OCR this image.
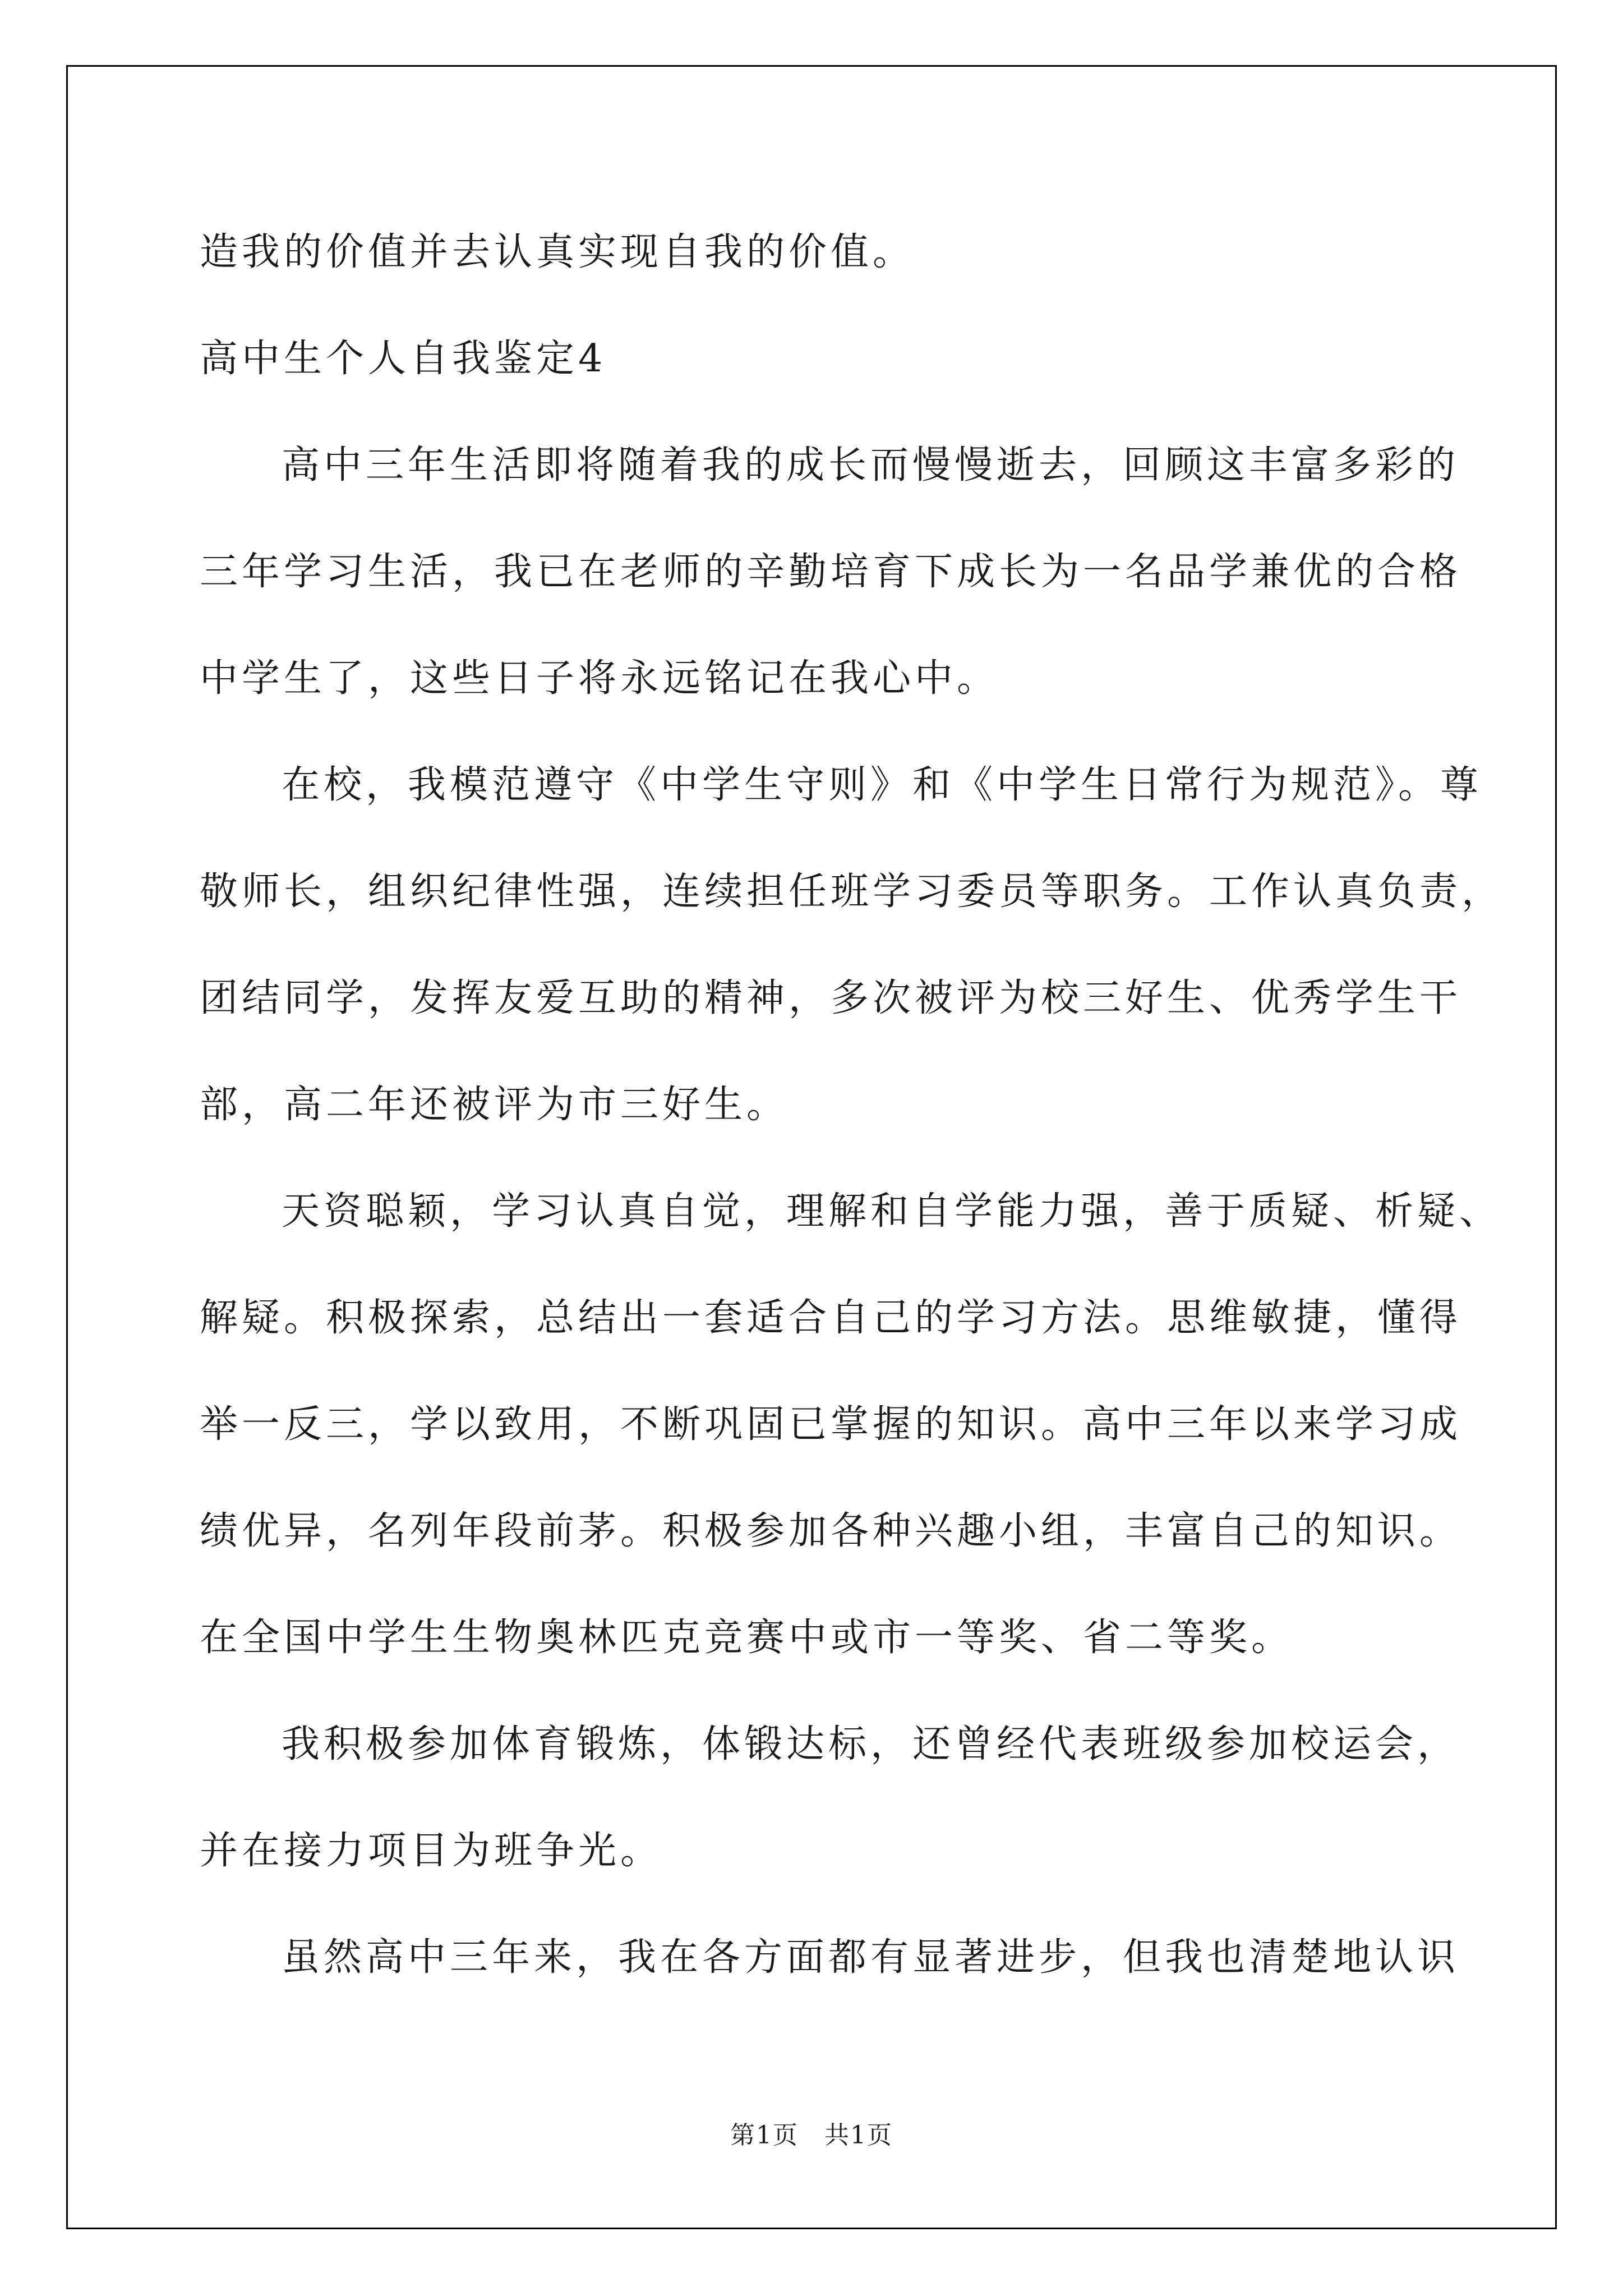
造我的价值并去认真实现自我的价值。
高中生个人自我鉴定4
高中三年生活即将随着我的成长而慢慢逝去，回顾这丰富多彩的
三年学习生活，我已在老师的辛勤培育下成长为一名品学兼优的合格
中学生了，这些日子将永远铭记在我心中。
在校，我模范遵守《中学生守则》和《中学生日常行为规范》。尊
敬师长，组织纪律性强，连续担任班学习委员等职务。工作认真负责，
团结同学，发挥友爱互助的精神，多次被评为校三好生、优秀学生干
部，高二年还被评为市三好生。
天资聪颖，学习认真自觉，理解和自学能力强，善于质疑、析疑、
解疑。积极探索，总结出一套适合自己的学习方法。思维敏捷，懂得
举一反三，学以致用，不断巩固已掌握的知识。高中三年以来学习成
绩优异，名列年段前茅。积极参加各种兴趣小组，丰富自己的知识。
在全国中学生生物奥林匹克竞赛中或市一等奖、省二等奖。
我积极参加体育锻炼，体锻达标，还曾经代表班级参加校运会，
并在接力项目为班争光。
虽然高中三年来，我在各方面都有显著进步，但我也清楚地认识
第1页 共1页
